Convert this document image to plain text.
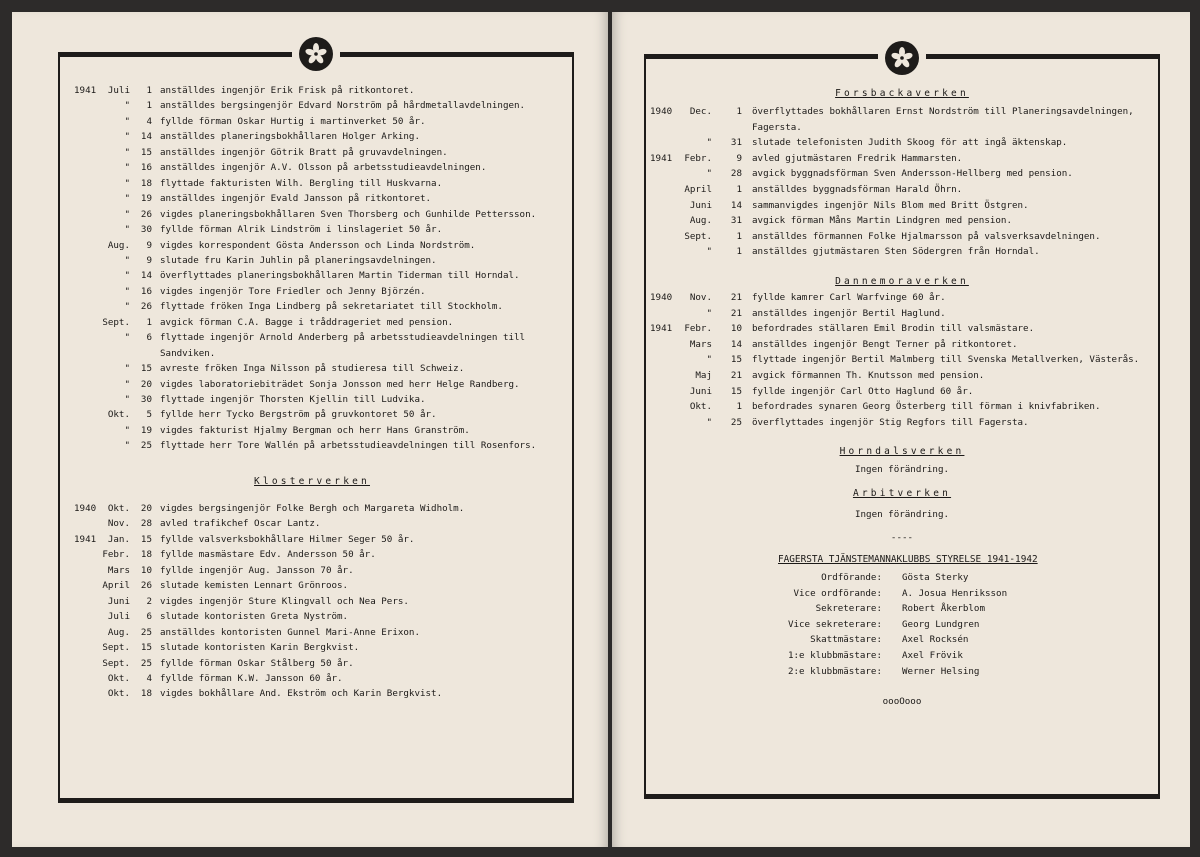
1941	Juli	1 anställdes ingenjör Erik Frisk på ritkontoret.
"	1 anställdes bergsingenjör Edvard Norström på hårdmetallavdelningen.
"	4 fyllde förman Oskar Hurtig i martinverket 50 år.
"	14 anställdes planeringsbokhållaren Holger Arking.
"	15 anställdes ingenjör Götrik Bratt på gruvavdelningen.
"	16 anställdes ingenjör A.V. Olsson på arbetsstudieavdelningen.
"	18 flyttade fakturisten Wilh. Bergling till Huskvarna.
"	19 anställdes ingenjör Evald Jansson på ritkontoret.
"	26 vigdes planeringsbokhållaren Sven Thorsberg och Gunhilde Pettersson.
"	30 fyllde förman Alrik Lindström i linslageriet 50 år.
Aug.	9 vigdes korrespondent Gösta Andersson och Linda Nordström.
"	9 slutade fru Karin Juhlin på planeringsavdelningen.
"	14 överflyttades planeringsbokhållaren Martin Tiderman till Horndal.
"	16 vigdes ingenjör Tore Friedler och Jenny Björzén.
"	26 flyttade fröken Inga Lindberg på sekretariatet till Stockholm.
Sept.	1 avgick förman C.A. Bagge i tråddrageriet med pension.
"	6 flyttade ingenjör Arnold Anderberg på arbetsstudieavdelningen till
Sandviken.
"	15 avreste fröken Inga Nilsson på studieresa till Schweiz.
"	20 vigdes laboratoriebiträdet Sonja Jonsson med herr Helge Randberg.
"	30 flyttade ingenjör Thorsten Kjellin till Ludvika.
Okt.	5 fyllde herr Tycko Bergström på gruvkontoret 50 år.
"	19 vigdes fakturist Hjalmy Bergman och herr Hans Granström.
"	25 flyttade herr Tore Wallén på arbetsstudieavdelningen till Rosenfors.
Klosterverken
1940	Okt.	20 vigdes bergsingenjör Folke Bergh och Margareta Widholm.
Nov.	28 avled trafikchef Oscar Lantz.
1941	Jan.	15 fyllde valsverksbokhållare Hilmer Seger 50 år.
Febr.	18 fyllde masmästare Edv. Andersson 50 år.
Mars	10 fyllde ingenjör Aug. Jansson 70 år.
April	26 slutade kemisten Lennart Grönroos.
Juni	2 vigdes ingenjör Sture Klingvall och Nea Pers.
Juli	6 slutade kontoristen Greta Nyström.
Aug.	25 anställdes kontoristen Gunnel Mari-Anne Erixon.
Sept.	15 slutade kontoristen Karin Bergkvist.
Sept.	25 fyllde förman Oskar Stålberg 50 år.
Okt.	4 fyllde förman K.W. Jansson 60 år.
Okt.	18 vigdes bokhållare And. Ekström och Karin Bergkvist.
Forsbackaverken
1940	Dec.	1 överflyttades bokhållaren Ernst Nordström till Planeringsavdelningen,
Fagersta.
"	31 slutade telefonisten Judith Skoog för att ingå äktenskap.
1941	Febr.	9 avled gjutmästaren Fredrik Hammarsten.
"	28 avgick byggnadsförman Sven Andersson-Hellberg med pension.
April	1 anställdes byggnadsförman Harald Öhrn.
Juni	14 sammanvigdes ingenjör Nils Blom med Britt Östgren.
Aug.	31 avgick förman Måns Martin Lindgren med pension.
Sept.	1 anställdes förmannen Folke Hjalmarsson på valsverksavdelningen.
"	1 anställdes gjutmästaren Sten Södergren från Horndal.
Dannemoraverken
1940	Nov.	21 fyllde kamrer Carl Warfvinge 60 år.
"	21 anställdes ingenjör Bertil Haglund.
1941	Febr.	10 befordrades ställaren Emil Brodin till valsmästare.
Mars	14 anställdes ingenjör Bengt Terner på ritkontoret.
"	15 flyttade ingenjör Bertil Malmberg till Svenska Metallverken, Västerås.
Maj	21 avgick förmannen Th. Knutsson med pension.
Juni	15 fyllde ingenjör Carl Otto Haglund 60 år.
Okt.	1 befordrades synaren Georg Österberg till förman i knivfabriken.
"	25 överflyttades ingenjör Stig Regfors till Fagersta.
Horndalsverken
Ingen förändring.
Arbitverken
Ingen förändring.
----
FAGERSTA TJÄNSTEMANNAKLUBBS STYRELSE 1941-1942
Ordförande: Gösta Sterky
Vice ordförande: A. Josua Henriksson
Sekreterare: Robert Åkerblom
Vice sekreterare: Georg Lundgren
Skattmästare: Axel Rocksén
1:e klubbmästare: Axel Frövik
2:e klubbmästare: Werner Helsing
oooOooo
